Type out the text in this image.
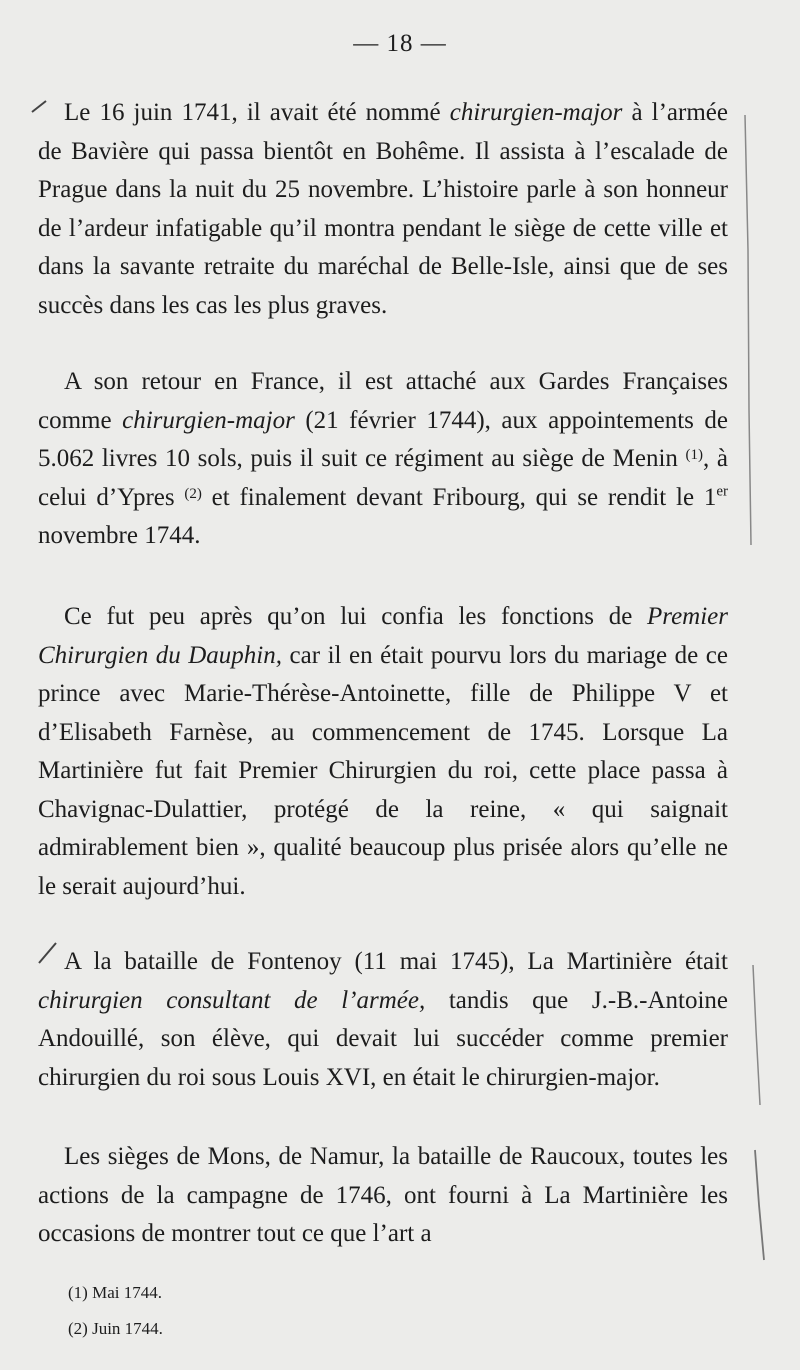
— 18 —

Le 16 juin 1741, il avait été nommé chirurgien-major à l’armée de Bavière qui passa bientôt en Bohême. Il assista à l’escalade de Prague dans la nuit du 25 novembre. L’histoire parle à son honneur de l’ardeur infatigable qu’il montra pendant le siège de cette ville et dans la savante retraite du maréchal de Belle-Isle, ainsi que de ses succès dans les cas les plus graves.

A son retour en France, il est attaché aux Gardes Françaises comme chirurgien-major (21 février 1744), aux appointements de 5.062 livres 10 sols, puis il suit ce régiment au siège de Menin $^{(1)}$, à celui d’Ypres $^{(2)}$ et finalement devant Fribourg, qui se rendit le 1er novembre 1744.

Ce fut peu après qu’on lui confia les fonctions de Premier Chirurgien du Dauphin, car il en était pourvu lors du mariage de ce prince avec Marie-Thérèse-Antoinette, fille de Philippe V et d’Elisabeth Farnèse, au commencement de 1745. Lorsque La Martinière fut fait Premier Chirurgien du roi, cette place passa à Chavignac-Dulattier, protégé de la reine, « qui saignait admirablement bien », qualité beaucoup plus prisée alors qu’elle ne le serait aujourd’hui.

A la bataille de Fontenoy (11 mai 1745), La Martinière était chirurgien consultant de l’armée, tandis que J.-B.-Antoine Andouillé, son élève, qui devait lui succéder comme premier chirurgien du roi sous Louis XVI, en était le chirurgien-major.

Les sièges de Mons, de Namur, la bataille de Raucoux, toutes les actions de la campagne de 1746, ont fourni à La Martinière les occasions de montrer tout ce que l’art a

(1) Mai 1744.
(2) Juin 1744.
